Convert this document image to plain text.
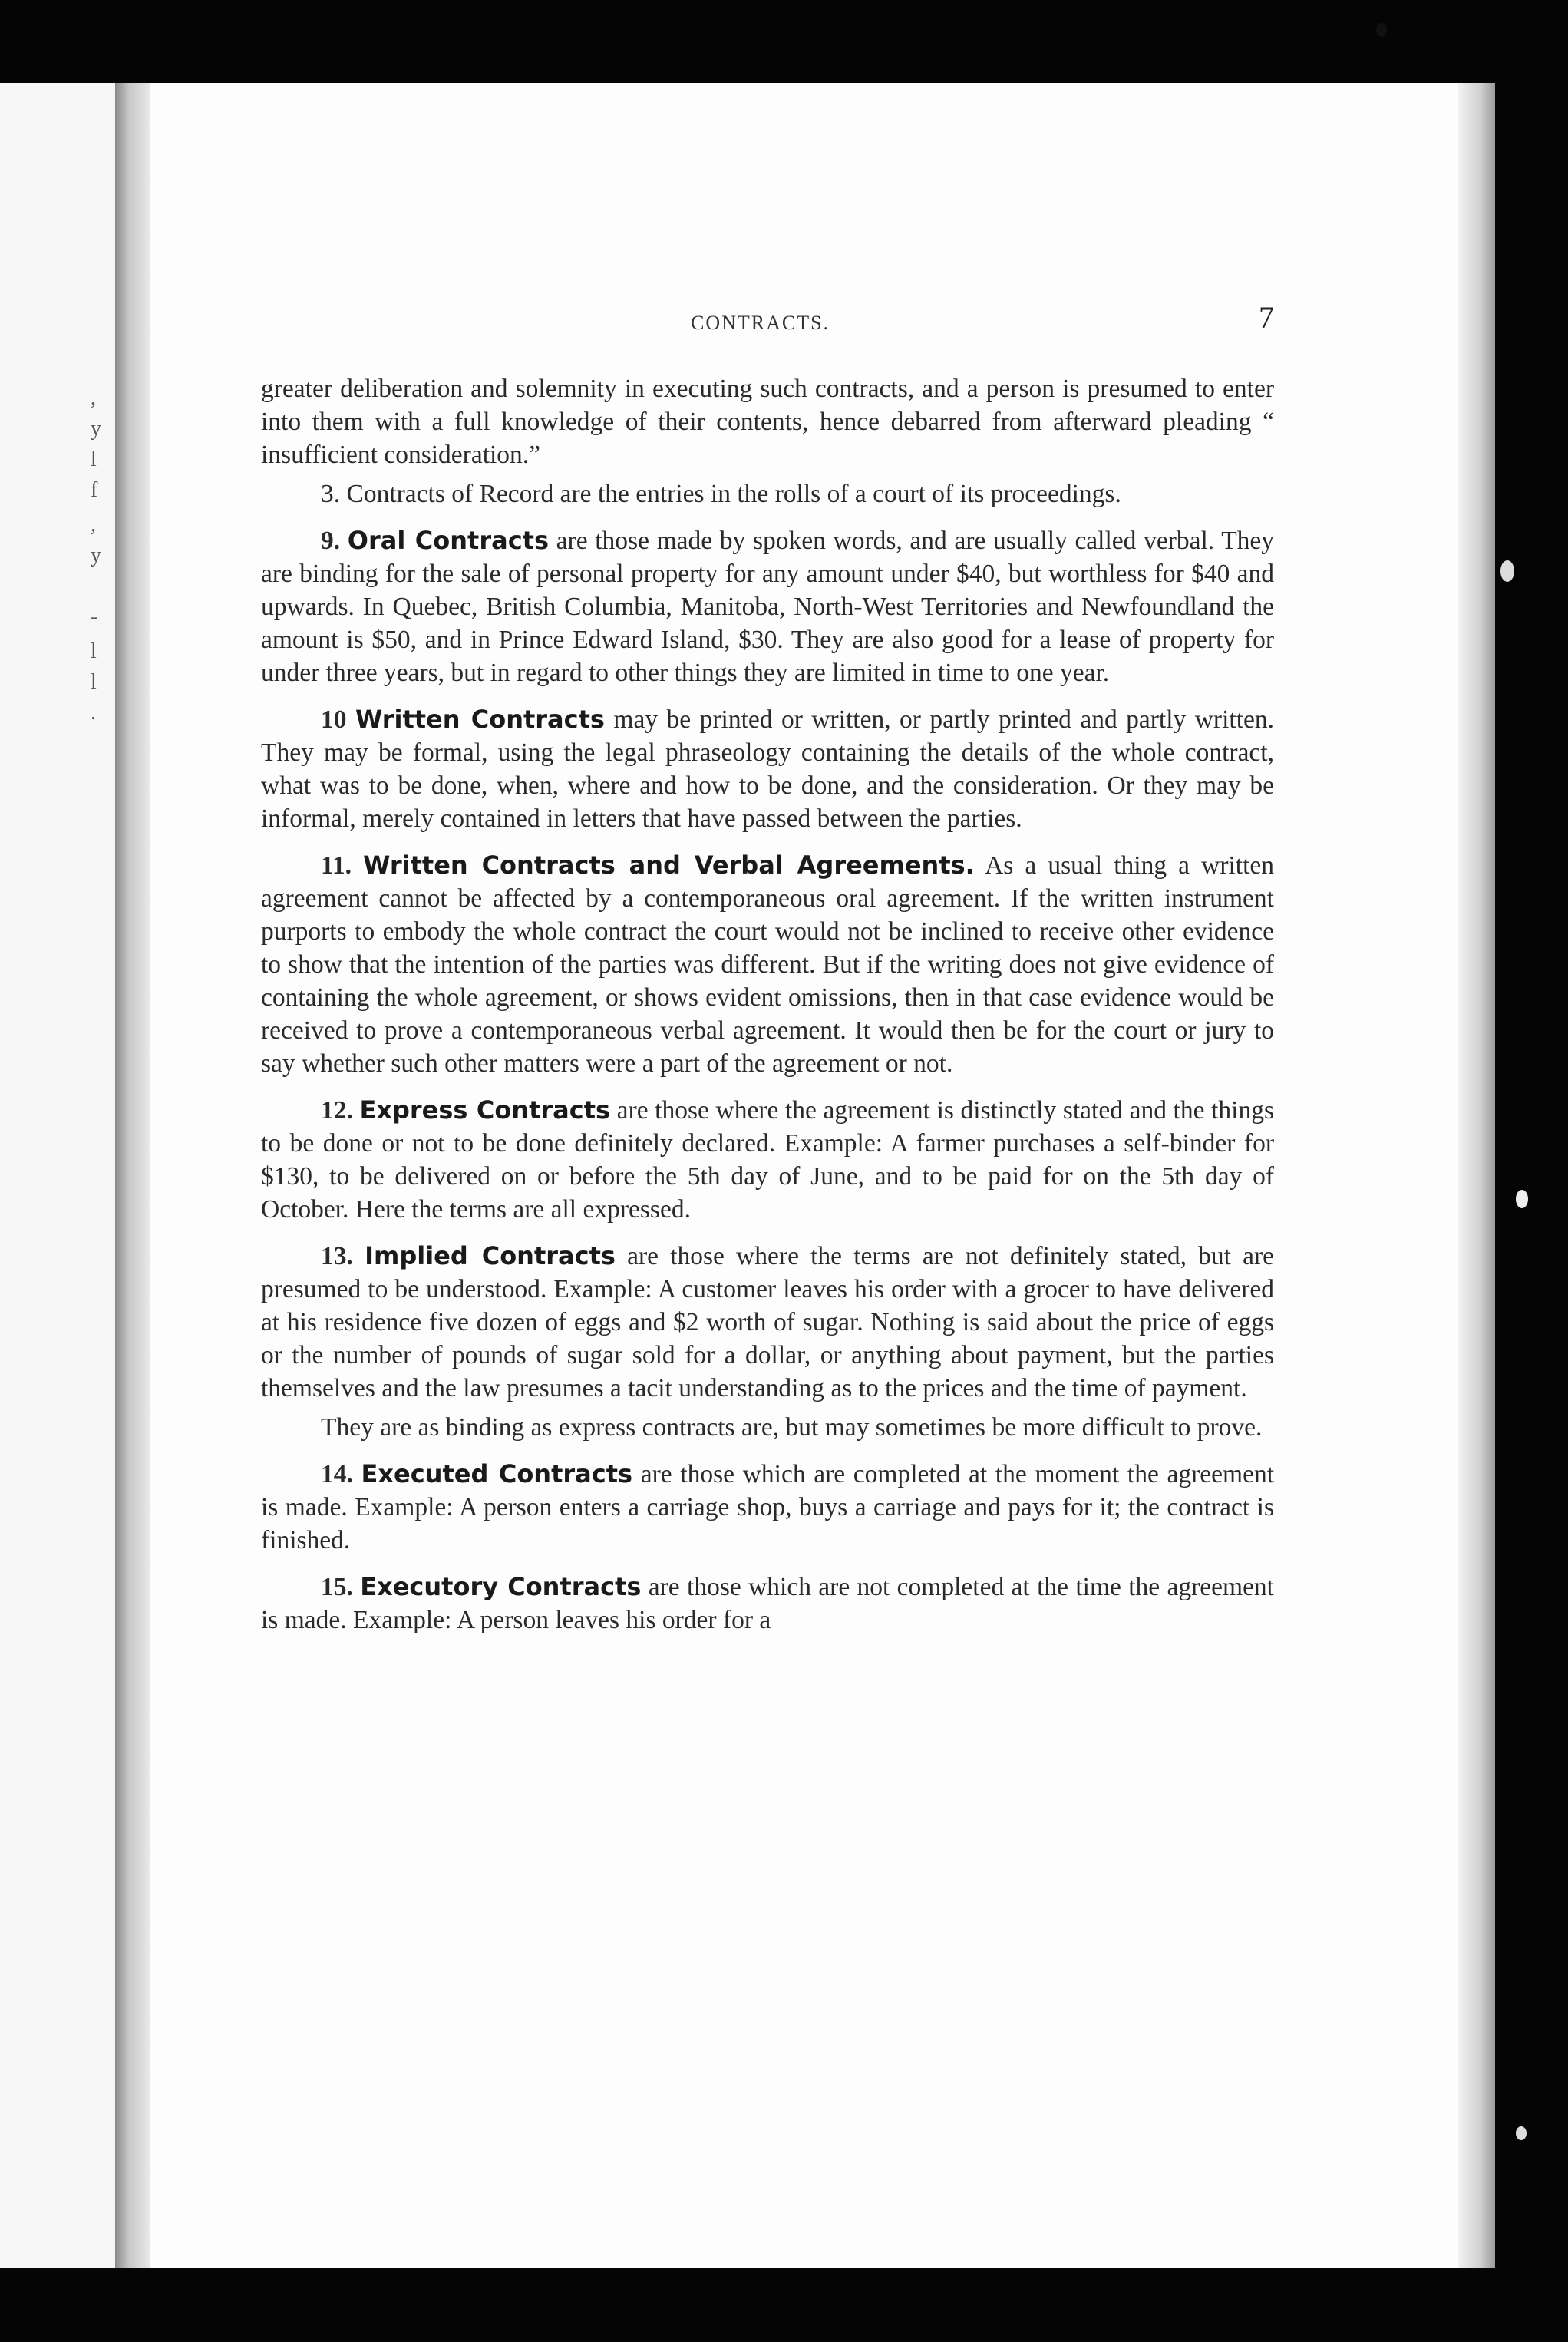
,
y
l
f
,
y
-
l
l
.
CONTRACTS.	7

greater deliberation and solemnity in executing such contracts, and a person is presumed to enter into them with a full knowledge of their contents, hence debarred from afterward pleading “ insufficient consideration.”

3. Contracts of Record are the entries in the rolls of a court of its proceedings.

9. Oral Contracts are those made by spoken words, and are usually called verbal. They are binding for the sale of personal property for any amount under $40, but worthless for $40 and upwards. In Quebec, British Columbia, Manitoba, North-West Territories and Newfoundland the amount is $50, and in Prince Edward Island, $30. They are also good for a lease of property for under three years, but in regard to other things they are limited in time to one year.

10 Written Contracts may be printed or written, or partly printed and partly written. They may be formal, using the legal phraseology containing the details of the whole contract, what was to be done, when, where and how to be done, and the consideration. Or they may be informal, merely contained in letters that have passed between the parties.

11. Written Contracts and Verbal Agreements. As a usual thing a written agreement cannot be affected by a contemporaneous oral agreement. If the written instrument purports to embody the whole contract the court would not be inclined to receive other evidence to show that the intention of the parties was different. But if the writing does not give evidence of containing the whole agreement, or shows evident omissions, then in that case evidence would be received to prove a contemporaneous verbal agreement. It would then be for the court or jury to say whether such other matters were a part of the agreement or not.

12. Express Contracts are those where the agreement is distinctly stated and the things to be done or not to be done definitely declared. Example: A farmer purchases a self-binder for $130, to be delivered on or before the 5th day of June, and to be paid for on the 5th day of October. Here the terms are all expressed.

13. Implied Contracts are those where the terms are not definitely stated, but are presumed to be understood. Example: A customer leaves his order with a grocer to have delivered at his residence five dozen of eggs and $2 worth of sugar. Nothing is said about the price of eggs or the number of pounds of sugar sold for a dollar, or anything about payment, but the parties themselves and the law presumes a tacit understanding as to the prices and the time of payment.

They are as binding as express contracts are, but may sometimes be more difficult to prove.

14. Executed Contracts are those which are completed at the moment the agreement is made. Example: A person enters a carriage shop, buys a carriage and pays for it; the contract is finished.

15. Executory Contracts are those which are not completed at the time the agreement is made. Example: A person leaves his order for a
